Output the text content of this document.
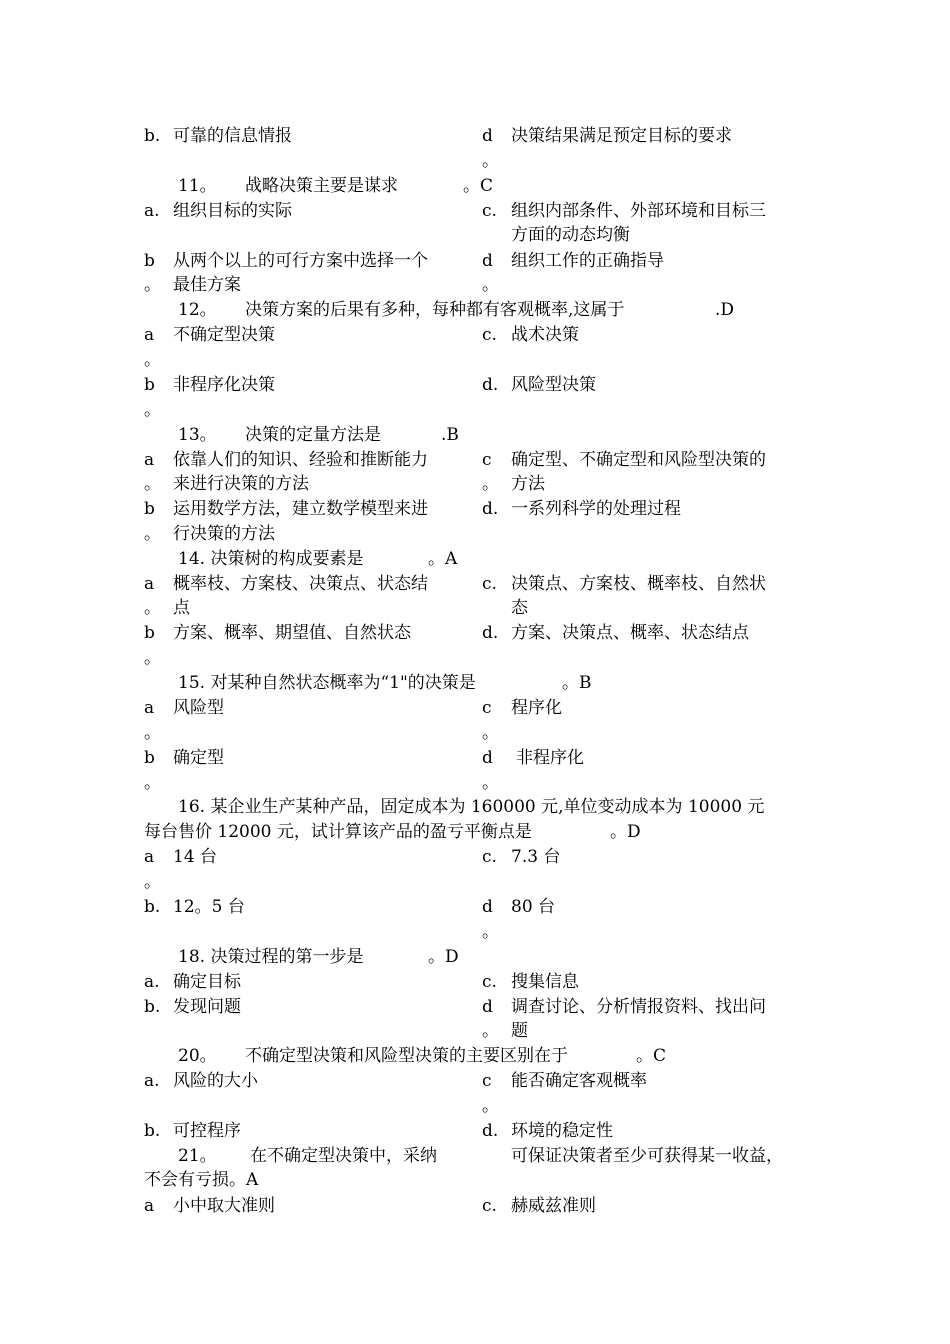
b. 可靠的信息情报	d 决策结果满足预定目标的要求
。
11。 战略决策主要是谋求	。C
a. 组织目标的实际	c. 组织内部条件、外部环境和目标三
方面的动态均衡
b 从两个以上的可行方案中选择一个	d 组织工作的正确指导
。 最佳方案	。
12。 决策方案的后果有多种，每种都有客观概率,这属于	.D
a 不确定型决策	c. 战术决策
。
b 非程序化决策	d. 风险型决策
。
13。 决策的定量方法是	.B
a 依靠人们的知识、经验和推断能力	c 确定型、不确定型和风险型决策的
。 来进行决策的方法	。 方法
b 运用数学方法，建立数学模型来进	d. 一系列科学的处理过程
。 行决策的方法
14. 决策树的构成要素是	。A
a 概率枝、方案枝、决策点、状态结	c. 决策点、方案枝、概率枝、自然状
。 点	态
b 方案、概率、期望值、自然状态	d. 方案、决策点、概率、状态结点
。
15. 对某种自然状态概率为“1"的决策是	。B
a 风险型	c 程序化
。	。
b 确定型	d 非程序化
。	。
16. 某企业生产某种产品，固定成本为 160000 元,单位变动成本为 10000 元
每台售价 12000 元，试计算该产品的盈亏平衡点是	。D
a 14 台	c. 7.3 台
。
b. 12。5 台	d 80 台
。
18. 决策过程的第一步是	。D
a. 确定目标	c. 搜集信息
b. 发现问题	d 调查讨论、分析情报资料、找出问
。 题
20。 不确定型决策和风险型决策的主要区别在于	。C
a. 风险的大小	c 能否确定客观概率
。
b. 可控程序	d. 环境的稳定性
21。 在不确定型决策中，采纳	可保证决策者至少可获得某一收益，
不会有亏损。A
a 小中取大准则	c. 赫威兹准则
